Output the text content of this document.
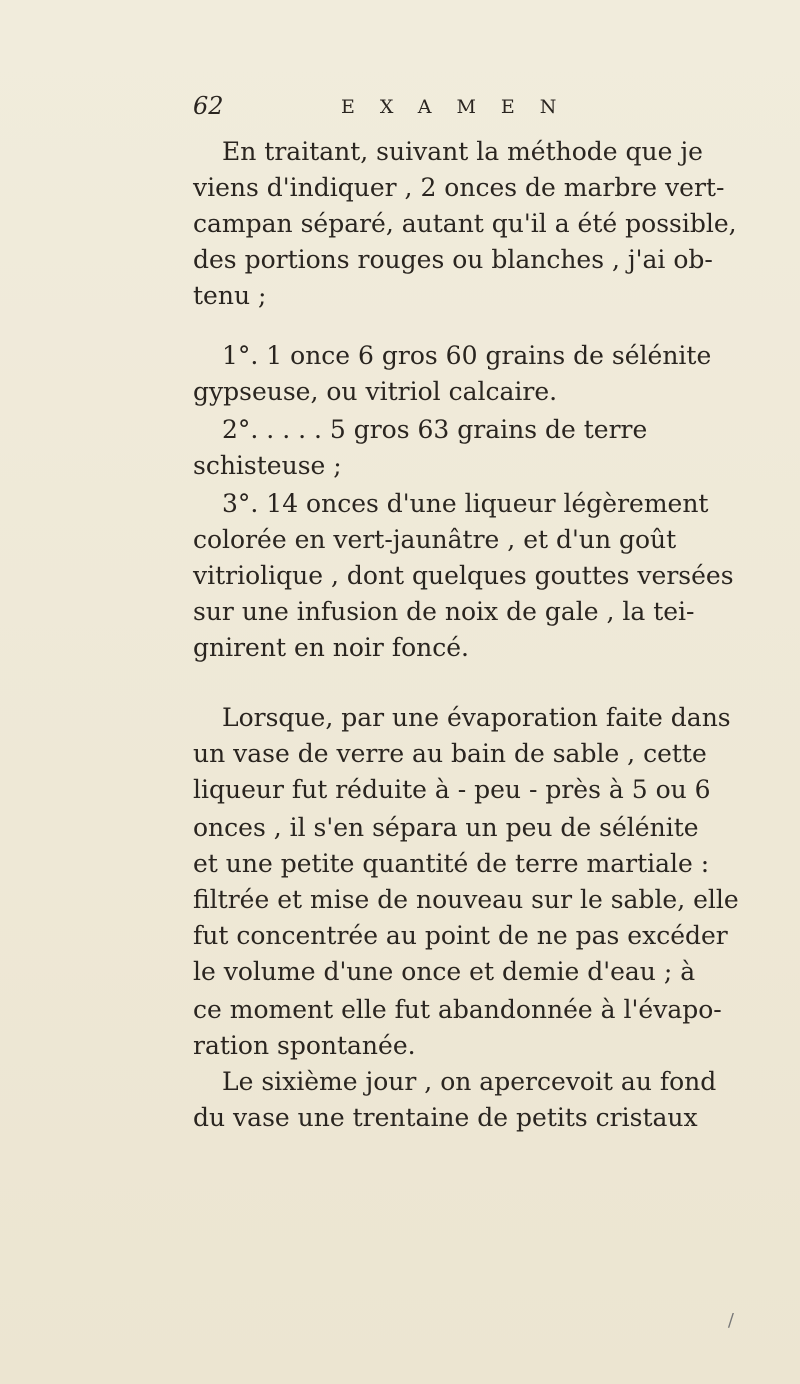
62	EXAMEN
En traitant, suivant la méthode que je
viens d'indiquer , 2 onces de marbre vert-
campan séparé, autant qu'il a été possible,
des portions rouges ou blanches , j'ai ob-
tenu ;
1°. 1 once 6 gros 60 grains de sélénite
gypseuse, ou vitriol calcaire.
2°. . . . . 5 gros 63 grains de terre
schisteuse ;
3°. 14 onces d'une liqueur légèrement
colorée en vert-jaunâtre , et d'un goût
vitriolique , dont quelques gouttes versées
sur une infusion de noix de gale , la tei-
gnirent en noir foncé.
Lorsque, par une évaporation faite dans
un vase de verre au bain de sable , cette
liqueur fut réduite à - peu - près à 5 ou 6
onces , il s'en sépara un peu de sélénite
et une petite quantité de terre martiale :
filtrée et mise de nouveau sur le sable, elle
fut concentrée au point de ne pas excéder
le volume d'une once et demie d'eau ; à
ce moment elle fut abandonnée à l'évapo-
ration spontanée.
Le sixième jour , on apercevoit au fond
du vase une trentaine de petits cristaux
/
